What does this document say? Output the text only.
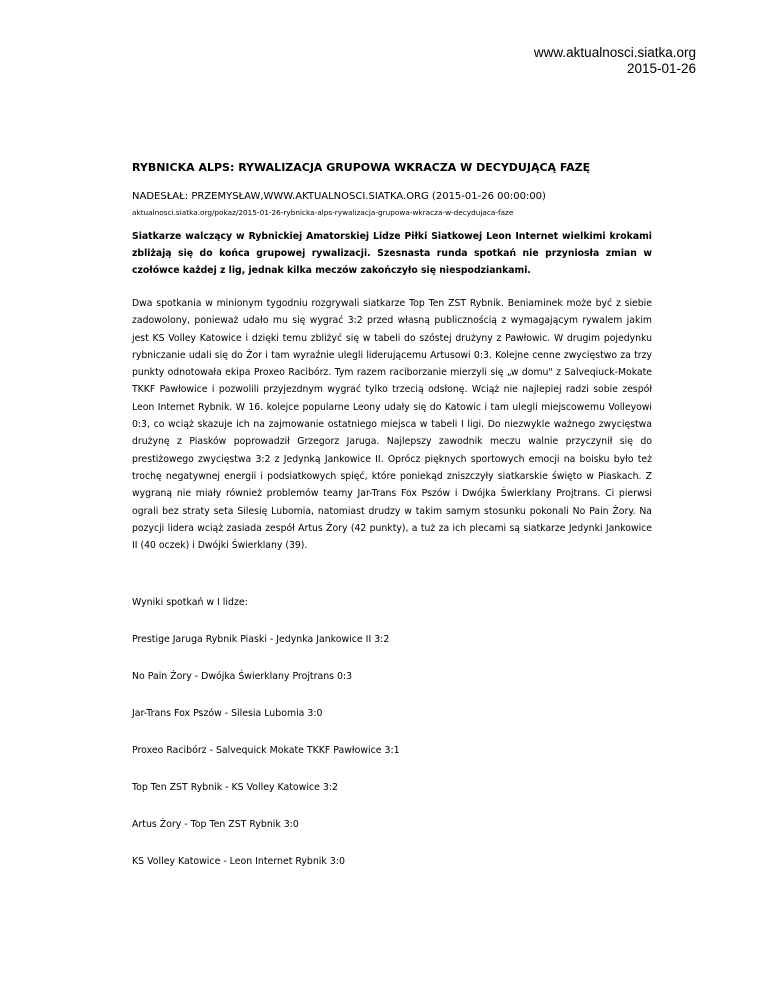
www.aktualnosci.siatka.org
2015-01-26
RYBNICKA ALPS: RYWALIZACJA GRUPOWA WKRACZA W DECYDUJĄCĄ FAZĘ
NADESŁAŁ: PRZEMYSŁAW,WWW.AKTUALNOSCI.SIATKA.ORG (2015-01-26 00:00:00)
aktualnosci.siatka.org/pokaz/2015-01-26-rybnicka-alps-rywalizacja-grupowa-wkracza-w-decydujaca-faze

Siatkarze walczący w Rybnickiej Amatorskiej Lidze Piłki Siatkowej Leon Internet wielkimi krokami zbliżają się do końca grupowej rywalizacji. Szesnasta runda spotkań nie przyniosła zmian w czołówce każdej z lig, jednak kilka meczów zakończyło się niespodziankami.

Dwa spotkania w minionym tygodniu rozgrywali siatkarze Top Ten ZST Rybnik. Beniaminek może być z siebie zadowolony, ponieważ udało mu się wygrać 3:2 przed własną publicznością z wymagającym rywalem jakim jest KS Volley Katowice i dzięki temu zbliżyć się w tabeli do szóstej drużyny z Pawłowic. W drugim pojedynku rybniczanie udali się do Żor i tam wyraźnie ulegli liderującemu Artusowi 0:3. Kolejne cenne zwycięstwo za trzy punkty odnotowała ekipa Proxeo Racibórz. Tym razem raciborzanie mierzyli się „w domu" z Salveqiuck-Mokate TKKF Pawłowice i pozwolili przyjezdnym wygrać tylko trzecią odsłonę. Wciąż nie najlepiej radzi sobie zespół Leon Internet Rybnik. W 16. kolejce popularne Leony udały się do Katowic i tam ulegli miejscowemu Volleyowi 0:3, co wciąż skazuje ich na zajmowanie ostatniego miejsca w tabeli I ligi. Do niezwykle ważnego zwycięstwa drużynę z Piasków poprowadził Grzegorz Jaruga. Najlepszy zawodnik meczu walnie przyczynił się do prestiżowego zwycięstwa 3:2 z Jedynką Jankowice II. Oprócz pięknych sportowych emocji na boisku było też trochę negatywnej energii i podsiatkowych spięć, które poniekąd zniszczyły siatkarskie święto w Piaskach. Z wygraną nie miały również problemów teamy Jar-Trans Fox Pszów i Dwójka Świerklany Projtrans. Ci pierwsi ograli bez straty seta Silesię Lubomia, natomiast drudzy w takim samym stosunku pokonali No Pain Żory. Na pozycji lidera wciąż zasiada zespół Artus Żory (42 punkty), a tuż za ich plecami są siatkarze Jedynki Jankowice II (40 oczek) i Dwójki Świerklany (39).

Wyniki spotkań w I lidze:
Prestige Jaruga Rybnik Piaski - Jedynka Jankowice II 3:2
No Pain Żory - Dwójka Świerklany Projtrans 0:3
Jar-Trans Fox Pszów - Silesia Lubomia 3:0
Proxeo Racibórz - Salvequick Mokate TKKF Pawłowice 3:1
Top Ten ZST Rybnik - KS Volley Katowice 3:2
Artus Żory - Top Ten ZST Rybnik 3:0
KS Volley Katowice - Leon Internet Rybnik 3:0
